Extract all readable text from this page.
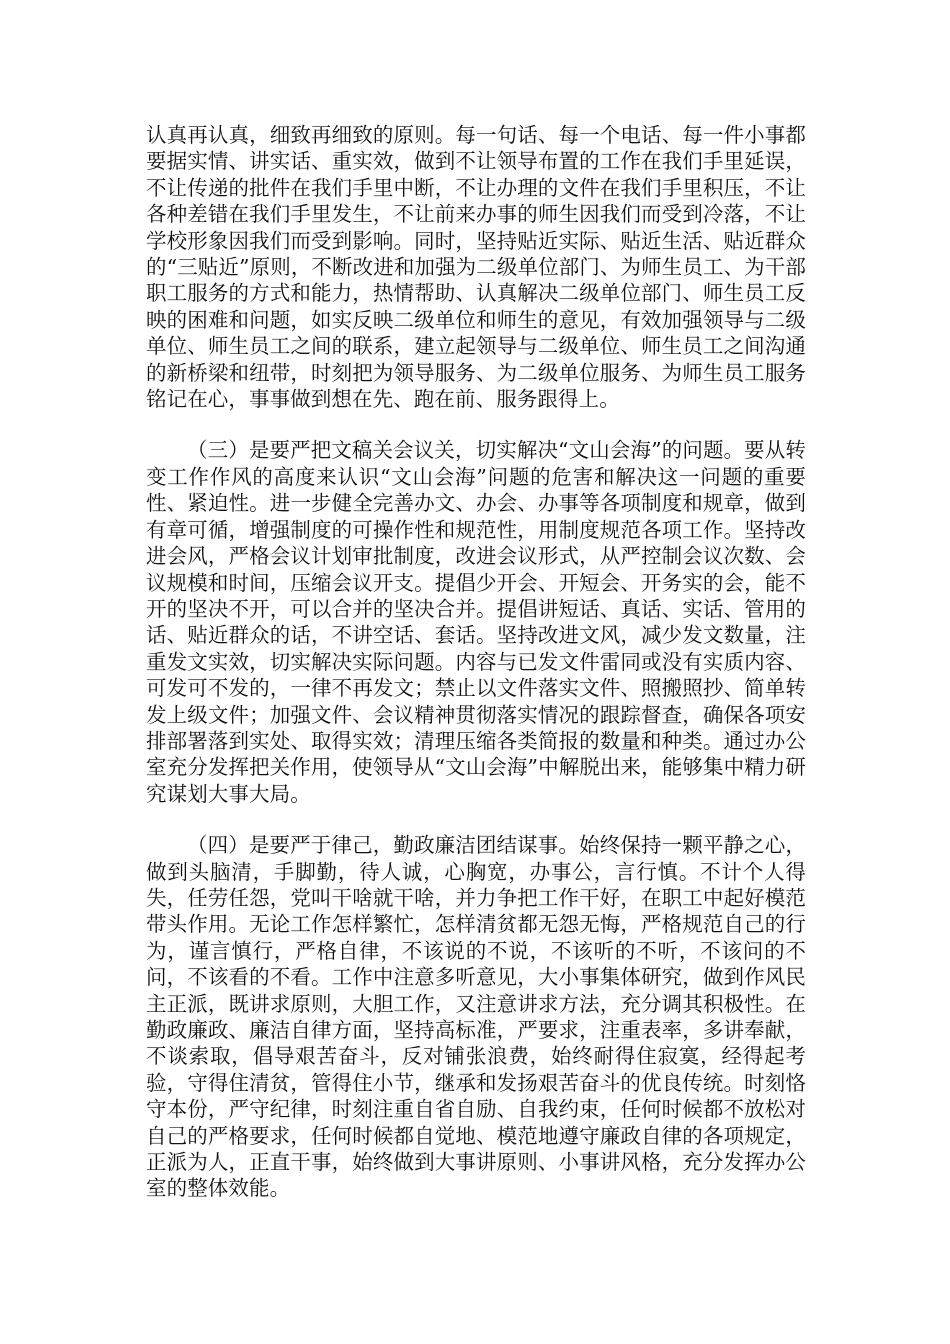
认真再认真，细致再细致的原则。每一句话、每一个电话、每一件小事都要据实情、讲实话、重实效，做到不让领导布置的工作在我们手里延误，不让传递的批件在我们手里中断，不让办理的文件在我们手里积压，不让各种差错在我们手里发生，不让前来办事的师生因我们而受到冷落，不让学校形象因我们而受到影响。同时，坚持贴近实际、贴近生活、贴近群众的“三贴近”原则，不断改进和加强为二级单位部门、为师生员工、为干部职工服务的方式和能力，热情帮助、认真解决二级单位部门、师生员工反映的困难和问题，如实反映二级单位和师生的意见，有效加强领导与二级单位、师生员工之间的联系，建立起领导与二级单位、师生员工之间沟通的新桥梁和纽带，时刻把为领导服务、为二级单位服务、为师生员工服务铭记在心，事事做到想在先、跑在前、服务跟得上。

（三）是要严把文稿关会议关，切实解决“文山会海”的问题。要从转变工作作风的高度来认识“文山会海”问题的危害和解决这一问题的重要性、紧迫性。进一步健全完善办文、办会、办事等各项制度和规章，做到有章可循，增强制度的可操作性和规范性，用制度规范各项工作。坚持改进会风，严格会议计划审批制度，改进会议形式，从严控制会议次数、会议规模和时间，压缩会议开支。提倡少开会、开短会、开务实的会，能不开的坚决不开，可以合并的坚决合并。提倡讲短话、真话、实话、管用的话、贴近群众的话，不讲空话、套话。坚持改进文风，减少发文数量，注重发文实效，切实解决实际问题。内容与已发文件雷同或没有实质内容、可发可不发的，一律不再发文；禁止以文件落实文件、照搬照抄、简单转发上级文件；加强文件、会议精神贯彻落实情况的跟踪督查，确保各项安排部署落到实处、取得实效；清理压缩各类简报的数量和种类。通过办公室充分发挥把关作用，使领导从“文山会海”中解脱出来，能够集中精力研究谋划大事大局。

（四）是要严于律己，勤政廉洁团结谋事。始终保持一颗平静之心，做到头脑清，手脚勤，待人诚，心胸宽，办事公，言行慎。不计个人得失，任劳任怨，党叫干啥就干啥，并力争把工作干好，在职工中起好模范带头作用。无论工作怎样繁忙，怎样清贫都无怨无悔，严格规范自己的行为，谨言慎行，严格自律，不该说的不说，不该听的不听，不该问的不问，不该看的不看。工作中注意多听意见，大小事集体研究，做到作风民主正派，既讲求原则，大胆工作，又注意讲求方法，充分调其积极性。在勤政廉政、廉洁自律方面，坚持高标准，严要求，注重表率，多讲奉献，不谈索取，倡导艰苦奋斗，反对铺张浪费，始终耐得住寂寞，经得起考验，守得住清贫，管得住小节，继承和发扬艰苦奋斗的优良传统。时刻恪守本份，严守纪律，时刻注重自省自励、自我约束，任何时候都不放松对自己的严格要求，任何时候都自觉地、模范地遵守廉政自律的各项规定，正派为人，正直干事，始终做到大事讲原则、小事讲风格，充分发挥办公室的整体效能。
